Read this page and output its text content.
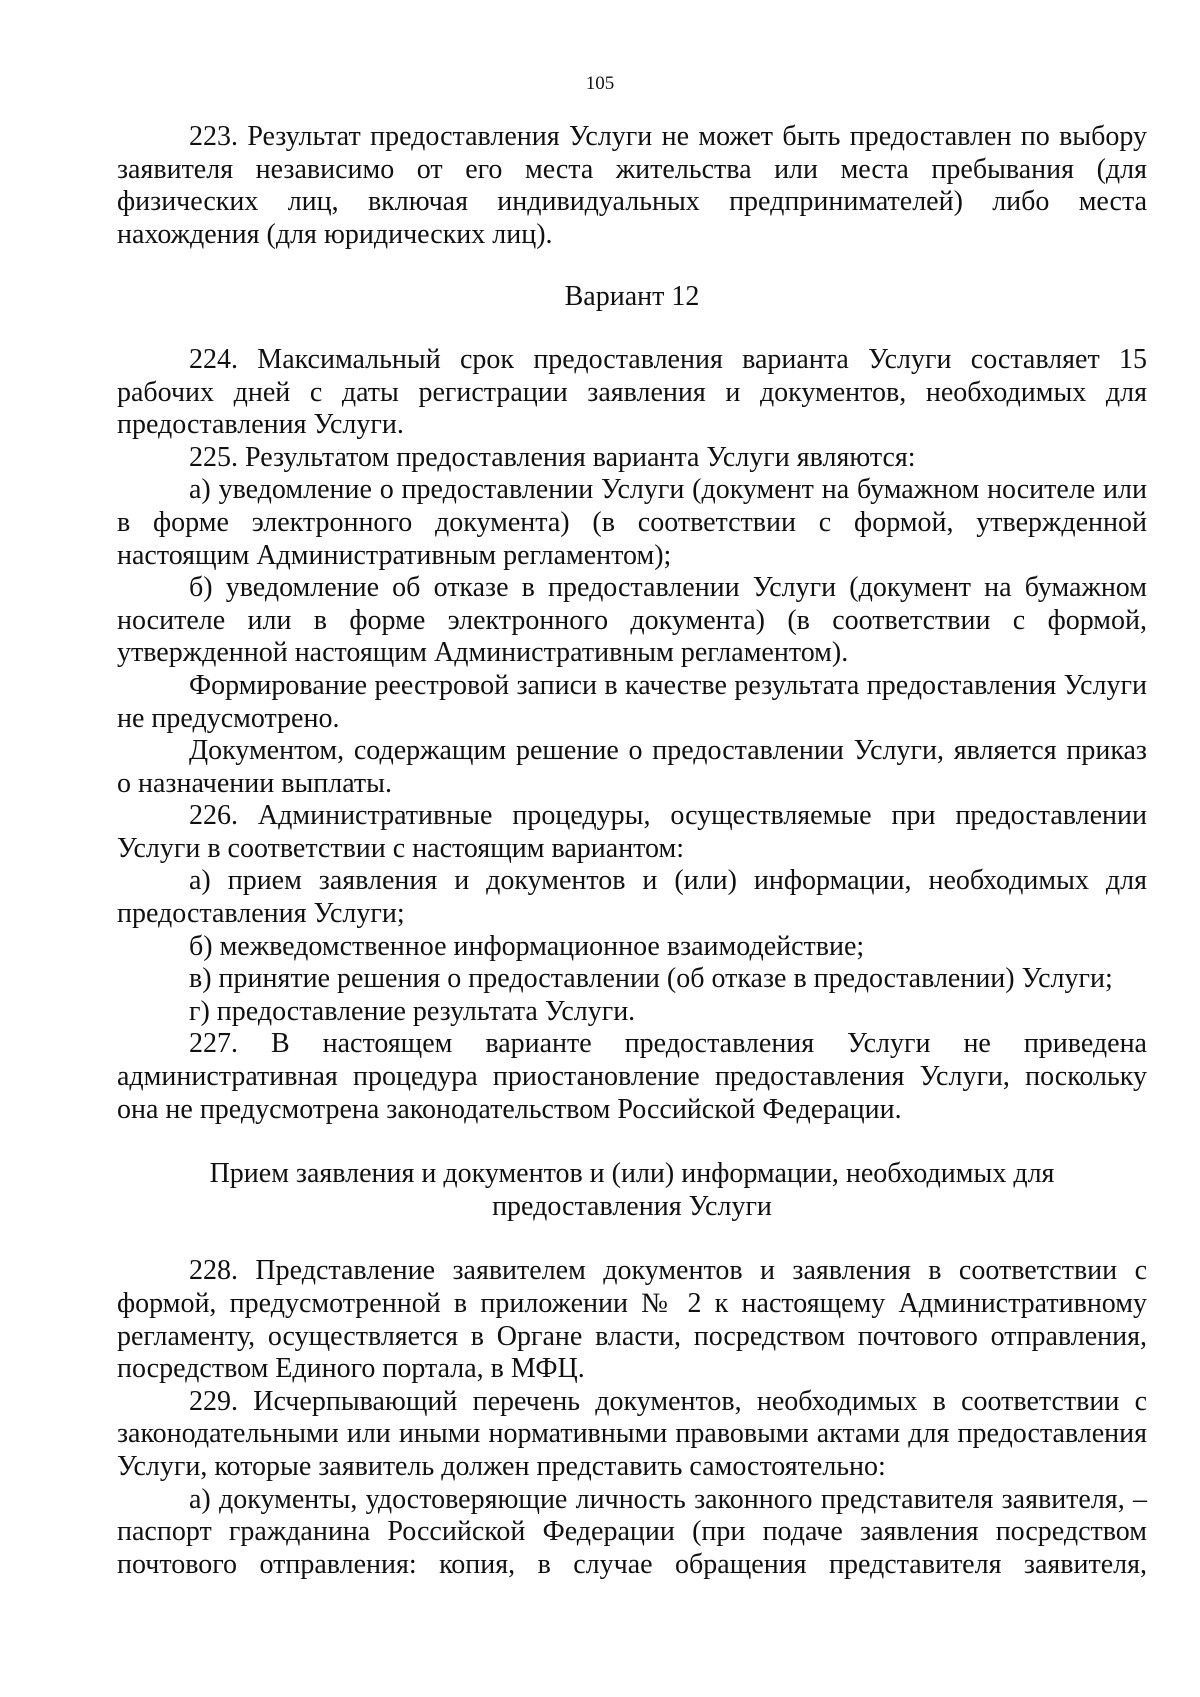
105

223. Результат предоставления Услуги не может быть предоставлен по выбору заявителя независимо от его места жительства или места пребывания (для физических лиц, включая индивидуальных предпринимателей) либо места нахождения (для юридических лиц).

Вариант 12

224. Максимальный срок предоставления варианта Услуги составляет 15 рабочих дней с даты регистрации заявления и документов, необходимых для предоставления Услуги.

225. Результатом предоставления варианта Услуги являются:

а) уведомление о предоставлении Услуги (документ на бумажном носителе или в форме электронного документа) (в соответствии с формой, утвержденной настоящим Административным регламентом);

б) уведомление об отказе в предоставлении Услуги (документ на бумажном носителе или в форме электронного документа) (в соответствии с формой, утвержденной настоящим Административным регламентом).

Формирование реестровой записи в качестве результата предоставления Услуги не предусмотрено.

Документом, содержащим решение о предоставлении Услуги, является приказ о назначении выплаты.

226. Административные процедуры, осуществляемые при предоставлении Услуги в соответствии с настоящим вариантом:

а) прием заявления и документов и (или) информации, необходимых для предоставления Услуги;

б) межведомственное информационное взаимодействие;

в) принятие решения о предоставлении (об отказе в предоставлении) Услуги;

г) предоставление результата Услуги.

227. В настоящем варианте предоставления Услуги не приведена административная процедура приостановление предоставления Услуги, поскольку она не предусмотрена законодательством Российской Федерации.

Прием заявления и документов и (или) информации, необходимых для предоставления Услуги

228. Представление заявителем документов и заявления в соответствии с формой, предусмотренной в приложении № 2 к настоящему Административному регламенту, осуществляется в Органе власти, посредством почтового отправления, посредством Единого портала, в МФЦ.

229. Исчерпывающий перечень документов, необходимых в соответствии с законодательными или иными нормативными правовыми актами для предоставления Услуги, которые заявитель должен представить самостоятельно:

а) документы, удостоверяющие личность законного представителя заявителя, – паспорт гражданина Российской Федерации (при подаче заявления посредством почтового отправления: копия, в случае обращения представителя заявителя,
